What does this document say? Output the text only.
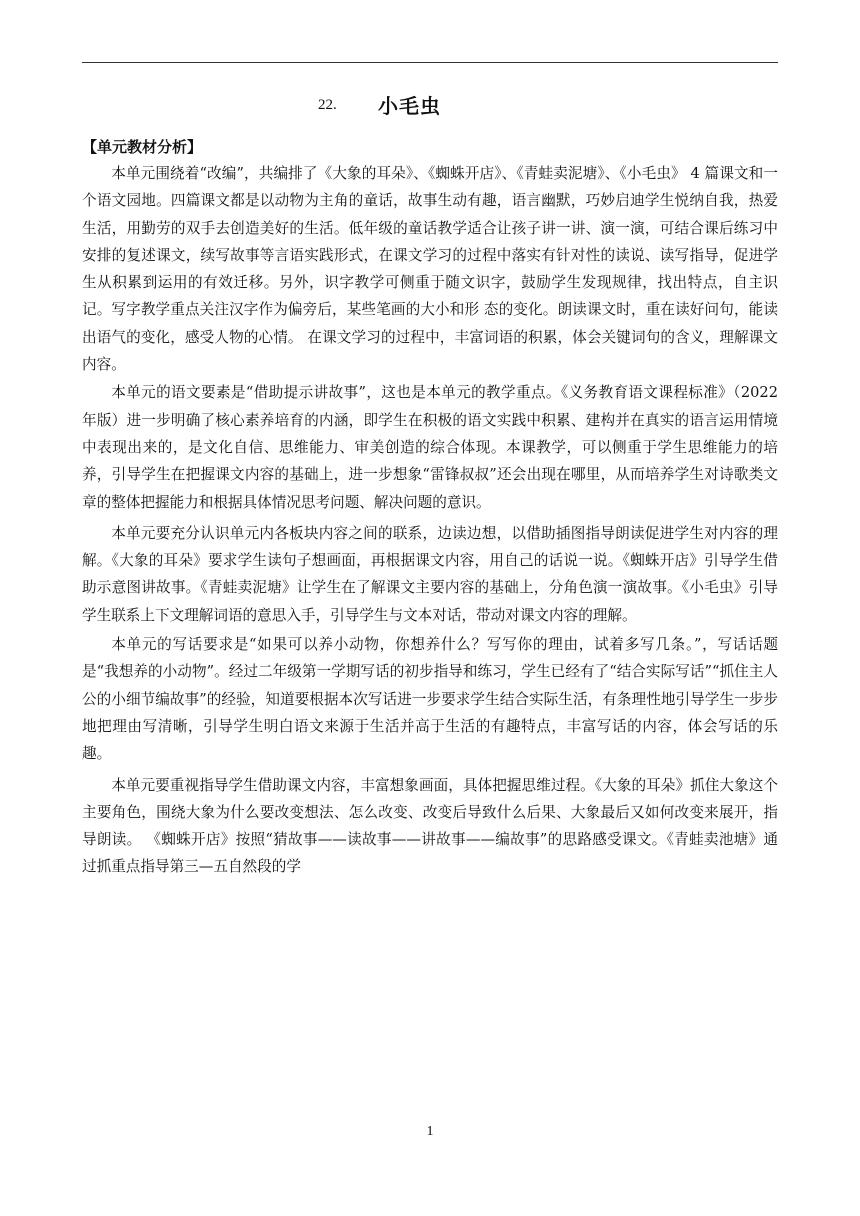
22. 小毛虫
【单元教材分析】

本单元围绕着“改编”，共编排了《大象的耳朵》、《蜘蛛开店》、《青蛙卖泥塘》、《小毛虫》 4 篇课文和一个语文园地。四篇课文都是以动物为主角的童话，故事生动有趣，语言幽默，巧妙启迪学生悦纳自我，热爱生活，用勤劳的双手去创造美好的生活。低年级的童话教学适合让孩子讲一讲、演一演，可结合课后练习中安排的复述课文，续写故事等言语实践形式，在课文学习的过程中落实有针对性的读说、读写指导，促进学生从积累到运用的有效迁移。另外，识字教学可侧重于随文识字，鼓励学生发现规律，找出特点，自主识记。写字教学重点关注汉字作为偏旁后，某些笔画的大小和形 态的变化。朗读课文时，重在读好问句，能读出语气的变化，感受人物的心情。 在课文学习的过程中，丰富词语的积累，体会关键词句的含义，理解课文内容。

本单元的语文要素是“借助提示讲故事”，这也是本单元的教学重点。《义务教育语文课程标准》（2022 年版）进一步明确了核心素养培育的内涵，即学生在积极的语文实践中积累、建构并在真实的语言运用情境中表现出来的，是文化自信、思维能力、审美创造的综合体现。本课教学，可以侧重于学生思维能力的培养，引导学生在把握课文内容的基础上，进一步想象“雷锋叔叔”还会出现在哪里，从而培养学生对诗歌类文章的整体把握能力和根据具体情况思考问题、解决问题的意识。

本单元要充分认识单元内各板块内容之间的联系，边读边想，以借助插图指导朗读促进学生对内容的理解。《大象的耳朵》要求学生读句子想画面，再根据课文内容，用自己的话说一说。《蜘蛛开店》引导学生借助示意图讲故事。《青蛙卖泥塘》让学生在了解课文主要内容的基础上，分角色演一演故事。《小毛虫》引导学生联系上下文理解词语的意思入手，引导学生与文本对话，带动对课文内容的理解。

本单元的写话要求是“如果可以养小动物，你想养什么？写写你的理由，试着多写几条。”，写话话题是“我想养的小动物”。经过二年级第一学期写话的初步指导和练习，学生已经有了“结合实际写话”“抓住主人公的小细节编故事”的经验，知道要根据本次写话进一步要求学生结合实际生活，有条理性地引导学生一步步地把理由写清晰，引导学生明白语文来源于生活并高于生活的有趣特点，丰富写话的内容，体会写话的乐趣。

本单元要重视指导学生借助课文内容，丰富想象画面，具体把握思维过程。《大象的耳朵》抓住大象这个主要角色，围绕大象为什么要改变想法、怎么改变、改变后导致什么后果、大象最后又如何改变来展开，指导朗读。 《蜘蛛开店》按照“猜故事——读故事——讲故事——编故事”的思路感受课文。《青蛙卖池塘》通过抓重点指导第三—五自然段的学

1
